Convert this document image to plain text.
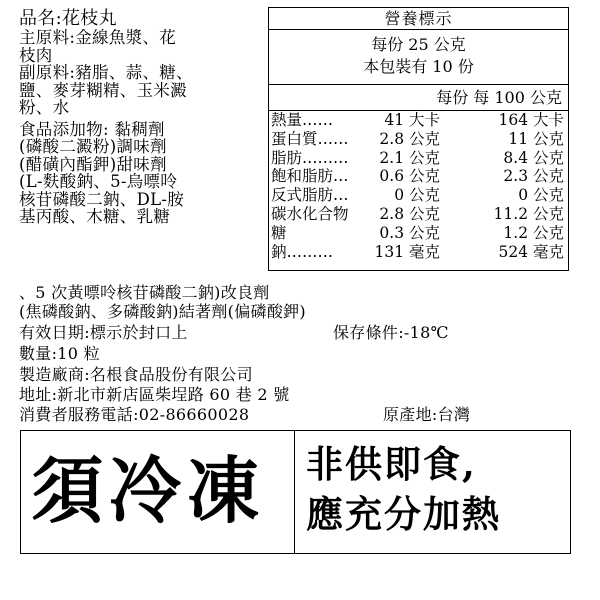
品名:花枝丸
主原料:金線魚漿、花
枝肉
副原料:豬脂、蒜、糖、
鹽、麥芽糊精、玉米澱
粉、水
食品添加物: 黏稠劑
(磷酸二澱粉)調味劑
(醋磺內酯鉀)甜味劑
(L-麩酸鈉、5-烏嘌呤
核苷磷酸二鈉、DL-胺
基丙酸、木糖、乳糖
營養標示
每份 25 公克
本包裝有 10 份
每份 每 100 公克
熱量……	41 大卡	164 大卡
蛋白質…… 2.8 公克	11 公克
脂肪……… 2.1 公克	8.4 公克
飽和脂肪… 0.6 公克	2.3 公克
反式脂肪…	0 公克	0 公克
碳水化合物 2.8 公克	11.2 公克
糖	0.3 公克	1.2 公克
鈉………	131 毫克	524 毫克
、5 次黃嘌呤核苷磷酸二鈉)改良劑
(焦磷酸鈉、多磷酸鈉)結著劑(偏磷酸鉀)
有效日期:標示於封口上	保存條件:-18℃
數量:10 粒
製造廠商:名根食品股份有限公司
地址:新北市新店區柴埕路 60 巷 2 號
消費者服務電話:02-86660028	原產地:台灣
須冷凍 非供即食,
應充分加熱
